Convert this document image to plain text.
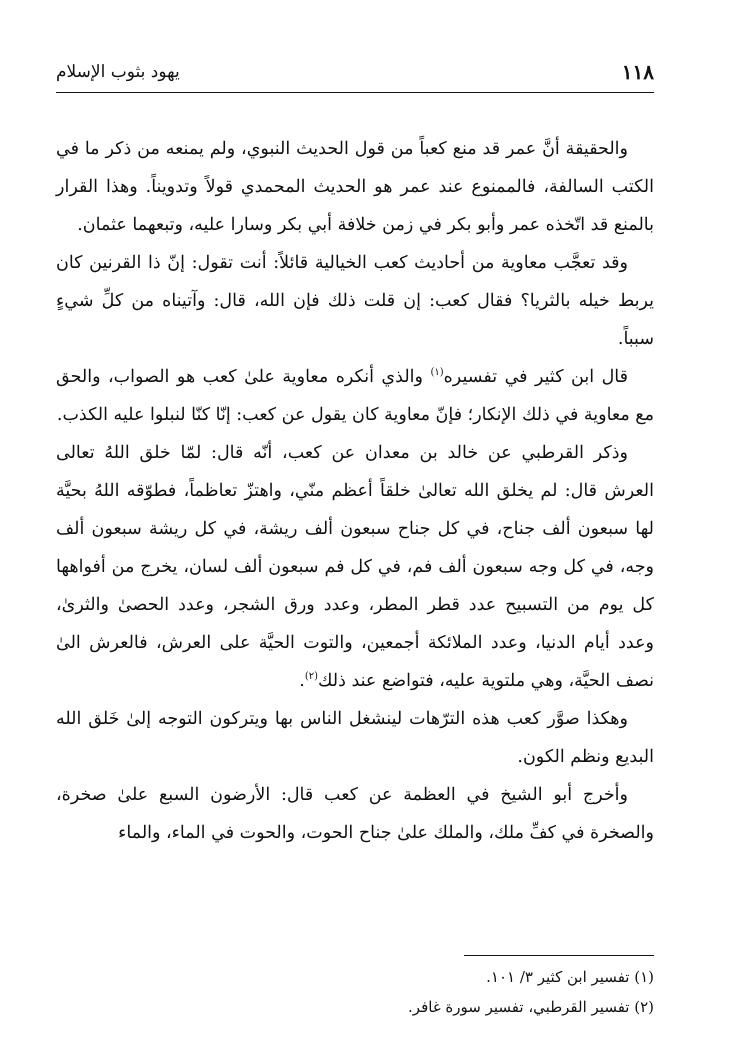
١١٨
يهود بثوب الإسلام

والحقيقة أنَّ عمر قد منع كعباً من قول الحديث النبوي، ولم يمنعه من ذكر ما في الكتب السالفة، فالممنوع عند عمر هو الحديث المحمدي قولاً وتدويناً. وهذا القرار بالمنع قد اتّخذه عمر وأبو بكر في زمن خلافة أبي بكر وسارا عليه، وتبعهما عثمان.

وقد تعجَّب معاوية من أحاديث كعب الخيالية قائلاً: أنت تقول: إنّ ذا القرنين كان يربط خيله بالثريا؟ فقال كعب: إن قلت ذلك فإن الله، قال: وآتيناه من كلِّ شيءٍ سبباً.

قال ابن كثير في تفسيره$^{(١)}$ والذي أنكره معاوية علىٰ كعب هو الصواب، والحق مع معاوية في ذلك الإنكار؛ فإنّ معاوية كان يقول عن كعب: إنّا كنّا لنبلوا عليه الكذب.

وذكر القرطبي عن خالد بن معدان عن كعب، أنّه قال: لمّا خلق اللهُ تعالى العرش قال: لم يخلق الله تعالىٰ خلقاً أعظم منّي، واهتزّ تعاظماً، فطوّقه اللهُ بحيَّة لها سبعون ألف جناح، في كل جناح سبعون ألف ريشة، في كل ريشة سبعون ألف وجه، في كل وجه سبعون ألف فم، في كل فم سبعون ألف لسان، يخرج من أفواهها كل يوم من التسبيح عدد قطر المطر، وعدد ورق الشجر، وعدد الحصىٰ والثرىٰ، وعدد أيام الدنيا، وعدد الملائكة أجمعين، والتوت الحيَّة على العرش، فالعرش الىٰ نصف الحيَّة، وهي ملتوية عليه، فتواضع عند ذلك$^{(٢)}$.

وهكذا صوَّر كعب هذه الترّهات لينشغل الناس بها ويتركون التوجه إلىٰ خَلق الله البديع ونظم الكون.

وأخرج أبو الشيخ في العظمة عن كعب قال: الأرضون السبع علىٰ صخرة، والصخرة في كفِّ ملك، والملك علىٰ جناح الحوت، والحوت في الماء، والماء

(١) تفسير ابن كثير ٣/ ١٠١.
(٢) تفسير القرطبي، تفسير سورة غافر.
